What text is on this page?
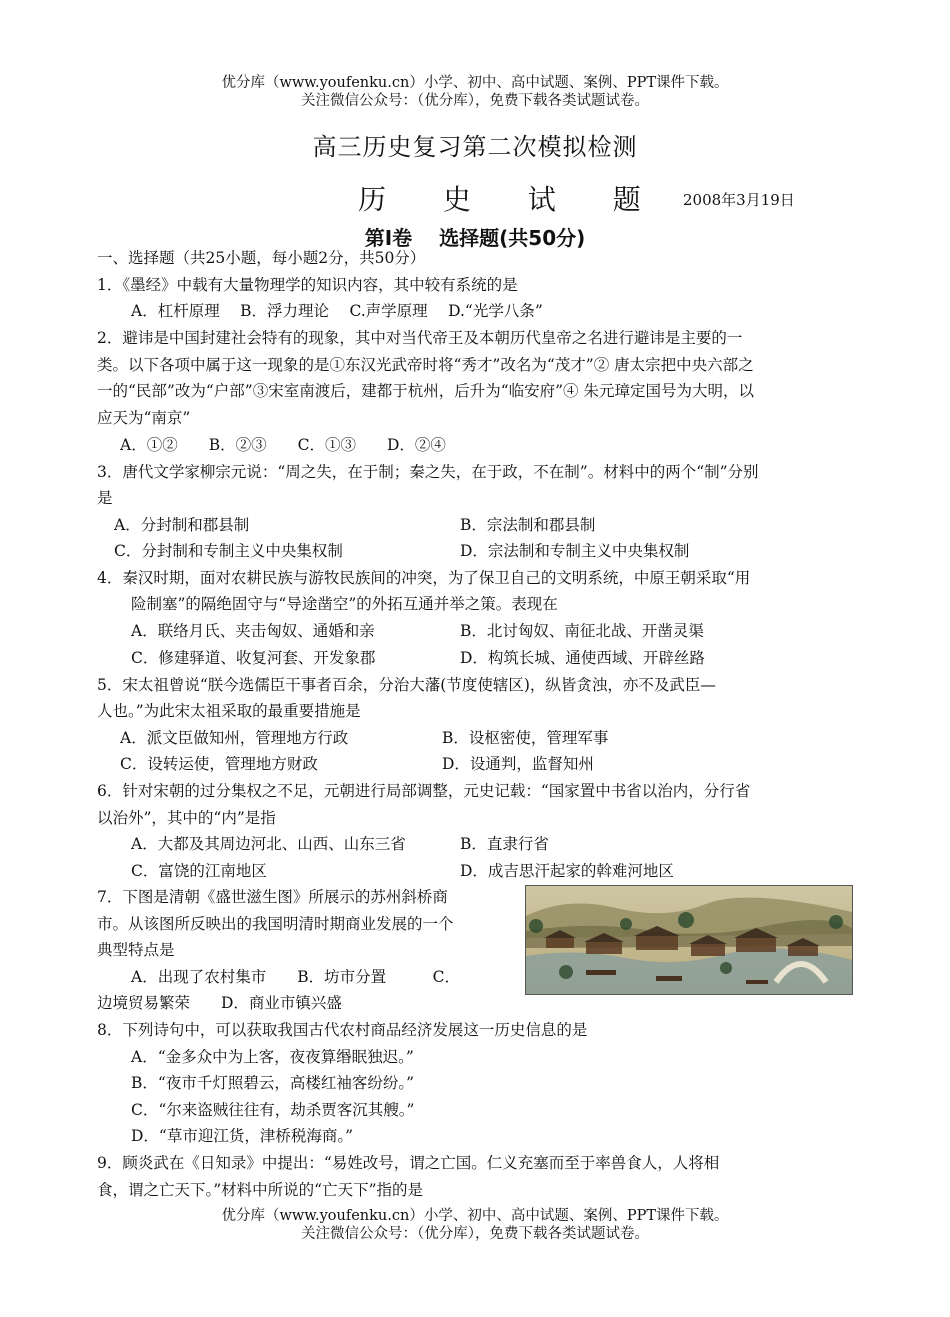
优分库（www.youfenku.cn）小学、初中、高中试题、案例、PPT课件下载。
关注微信公众号：（优分库），免费下载各类试题试卷。
高三历史复习第二次模拟检测
历 史 试 题 2008年3月19日
第Ⅰ卷　 选择题(共50分)
一、选择题（共25小题，每小题2分，共50分）
1．《墨经》中载有大量物理学的知识内容，其中较有系统的是
A．杠杆原理　 B．浮力理论　 C.声学原理　 D.“光学八条”
2．避讳是中国封建社会特有的现象，其中对当代帝王及本朝历代皇帝之名进行避讳是主要的一
类。以下各项中属于这一现象的是①东汉光武帝时将“秀才”改名为“茂才”② 唐太宗把中央六部之
一的“民部”改为“户部”③宋室南渡后，建都于杭州，后升为“临安府”④ 朱元璋定国号为大明，以
应天为“南京”
A．①②　　B．②③　　C．①③　　D．②④
3．唐代文学家柳宗元说：“周之失，在于制；秦之失，在于政，不在制”。材料中的两个“制”分别
是
A．分封制和郡县制	B．宗法制和郡县制
C．分封制和专制主义中央集权制	D．宗法制和专制主义中央集权制
4．秦汉时期，面对农耕民族与游牧民族间的冲突，为了保卫自己的文明系统，中原王朝采取“用
险制塞”的隔绝固守与“导途凿空”的外拓互通并举之策。表现在
A．联络月氏、夹击匈奴、通婚和亲	B．北讨匈奴、南征北战、开凿灵渠
C．修建驿道、收复河套、开发象郡	D．构筑长城、通使西域、开辟丝路
5．宋太祖曾说“朕今选儒臣干事者百余，分治大藩(节度使辖区)，纵皆贪浊，亦不及武臣—
人也。”为此宋太祖采取的最重要措施是
A．派文臣做知州，管理地方行政	B．设枢密使，管理军事
C．设转运使，管理地方财政	D．设通判，监督知州
6．针对宋朝的过分集权之不足，元朝进行局部调整，元史记载：“国家置中书省以治内，分行省
以治外”，其中的“内”是指
A．大都及其周边河北、山西、山东三省	B．直隶行省
C．富饶的江南地区	D．成吉思汗起家的斡难河地区
7．下图是清朝《盛世滋生图》所展示的苏州斜桥商
市。从该图所反映出的我国明清时期商业发展的一个
典型特点是
A．出现了农村集市　　B．坊市分置　　　C．
边境贸易繁荣　　D．商业市镇兴盛
8．下列诗句中，可以获取我国古代农村商品经济发展这一历史信息的是
A．“金多众中为上客，夜夜算缗眠独迟。”
B．“夜市千灯照碧云，高楼红袖客纷纷。”
C．“尔来盗贼往往有，劫杀贾客沉其艘。”
D．“草市迎江货，津桥税海商。”
9．顾炎武在《日知录》中提出：“易姓改号，谓之亡国。仁义充塞而至于率兽食人，人将相
食，谓之亡天下。”材料中所说的“亡天下”指的是
优分库（www.youfenku.cn）小学、初中、高中试题、案例、PPT课件下载。
关注微信公众号：（优分库），免费下载各类试题试卷。
